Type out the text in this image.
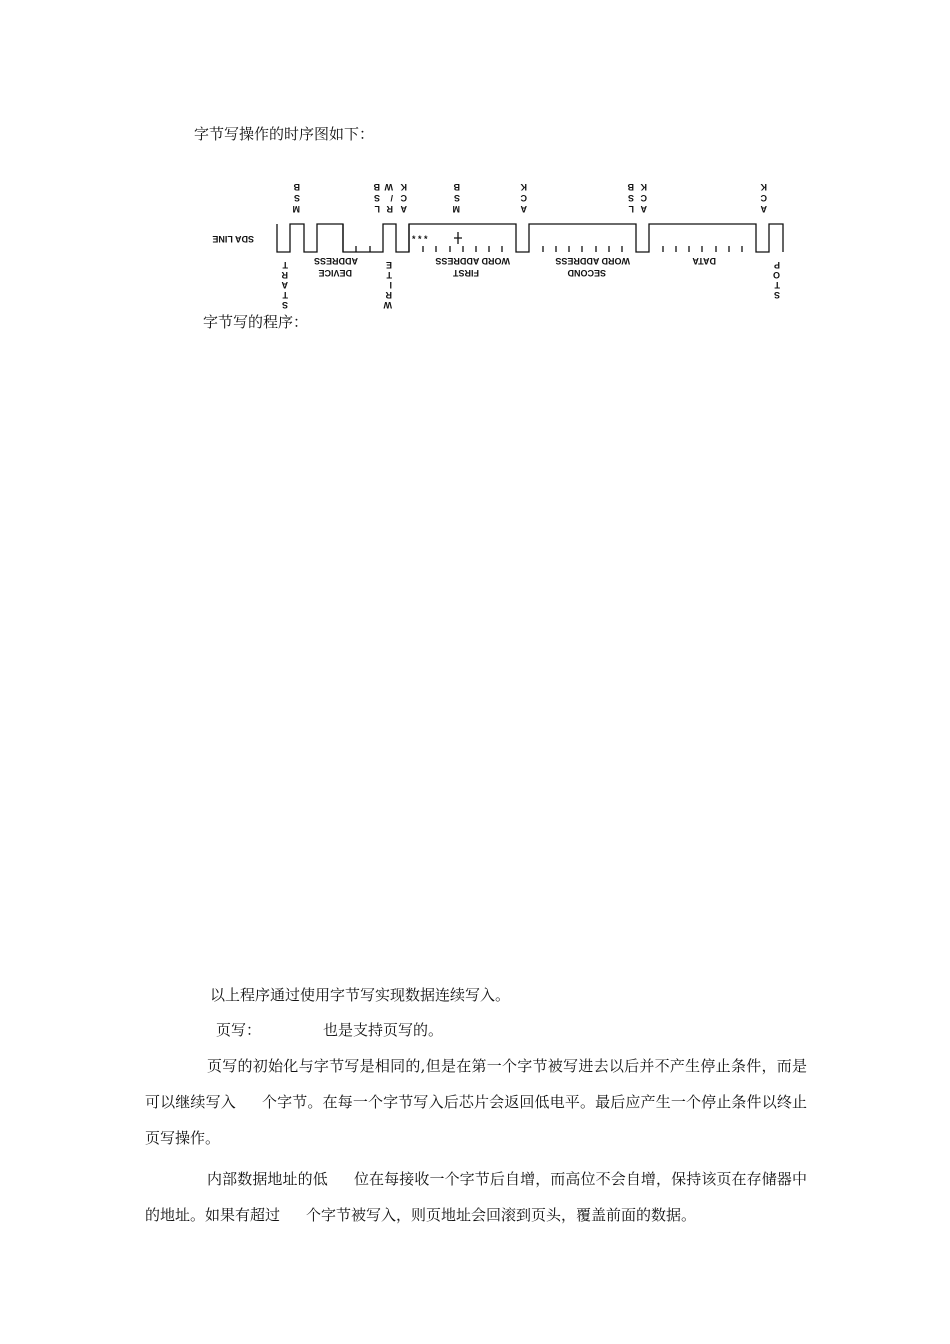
字节写操作的时序图如下：
SDA LINE	* * *
B
S
M
B
S
L
W
/
R
K
C
A
B
S
M
K
C
A
B
S
L
K
C
A
K
C
A
T
R
A
T
S
ADDRESS
DEVICE
E
T
I
R
W
WORD ADDRESS
FIRST
WORD ADDRESS
SECOND
DATA	P
O
T
S
字节写的程序：
以上程序通过使用字节写实现数据连续写入。
页写：	也是支持页写的。
页写的初始化与字节写是相同的,但是在第一个字节被写进去以后并不产生停止条件，而是可以继续写入 个字节。在每一个字节写入后芯片会返回低电平。最后应产生一个停止条件以终止页写操作。
内部数据地址的低 位在每接收一个字节后自增，而高位不会自增，保持该页在存储器中的地址。如果有超过 个字节被写入，则页地址会回滚到页头，覆盖前面的数据。
